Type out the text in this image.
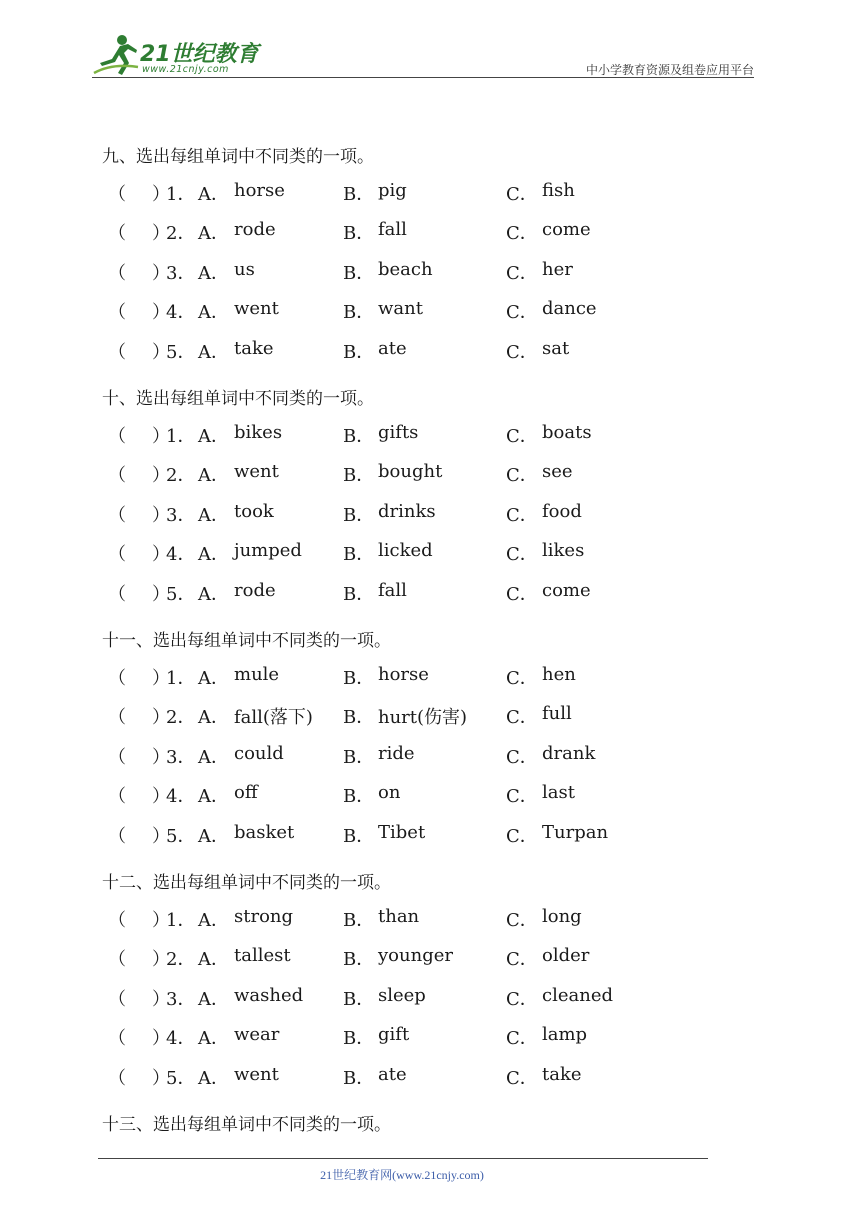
21世纪教育
www.21cnjy.com	中小学教育资源及组卷应用平台
九、选出每组单词中不同类的一项。
（ ）
1． A． horse	B． pig	C． fish
（ ）
2． A． rode	B． fall	C． come
（ ）
3． A． us	B． beach	C． her
（ ）
4． A． went	B． want	C． dance
（ ）
5． A． take	B． ate	C． sat
十、选出每组单词中不同类的一项。
（ ）
1． A． bikes	B． gifts	C． boats
（ ）
2． A． went	B． bought	C． see
（ ）
3． A． took	B． drinks	C． food
（ ）
4． A． jumped B． licked	C． likes
（ ）
5． A． rode	B． fall	C． come
十一、选出每组单词中不同类的一项。
（ ）
1． A． mule	B． horse	C． hen
（ ）
2． A． fall(落下) B． hurt(伤害) C． full
（ ）
3． A． could	B． ride	C． drank
（ ）
4． A． off	B． on	C． last
（ ）
5． A． basket	B． Tibet	C． Turpan
十二、选出每组单词中不同类的一项。
（ ）
1． A． strong	B． than	C． long
（ ）
2． A． tallest	B． younger	C． older
（ ）
3． A． washed B． sleep	C． cleaned
（ ）
4． A． wear	B． gift	C． lamp
（ ）
5． A． went	B． ate	C． take
十三、选出每组单词中不同类的一项。
21世纪教育网(www.21cnjy.com)
